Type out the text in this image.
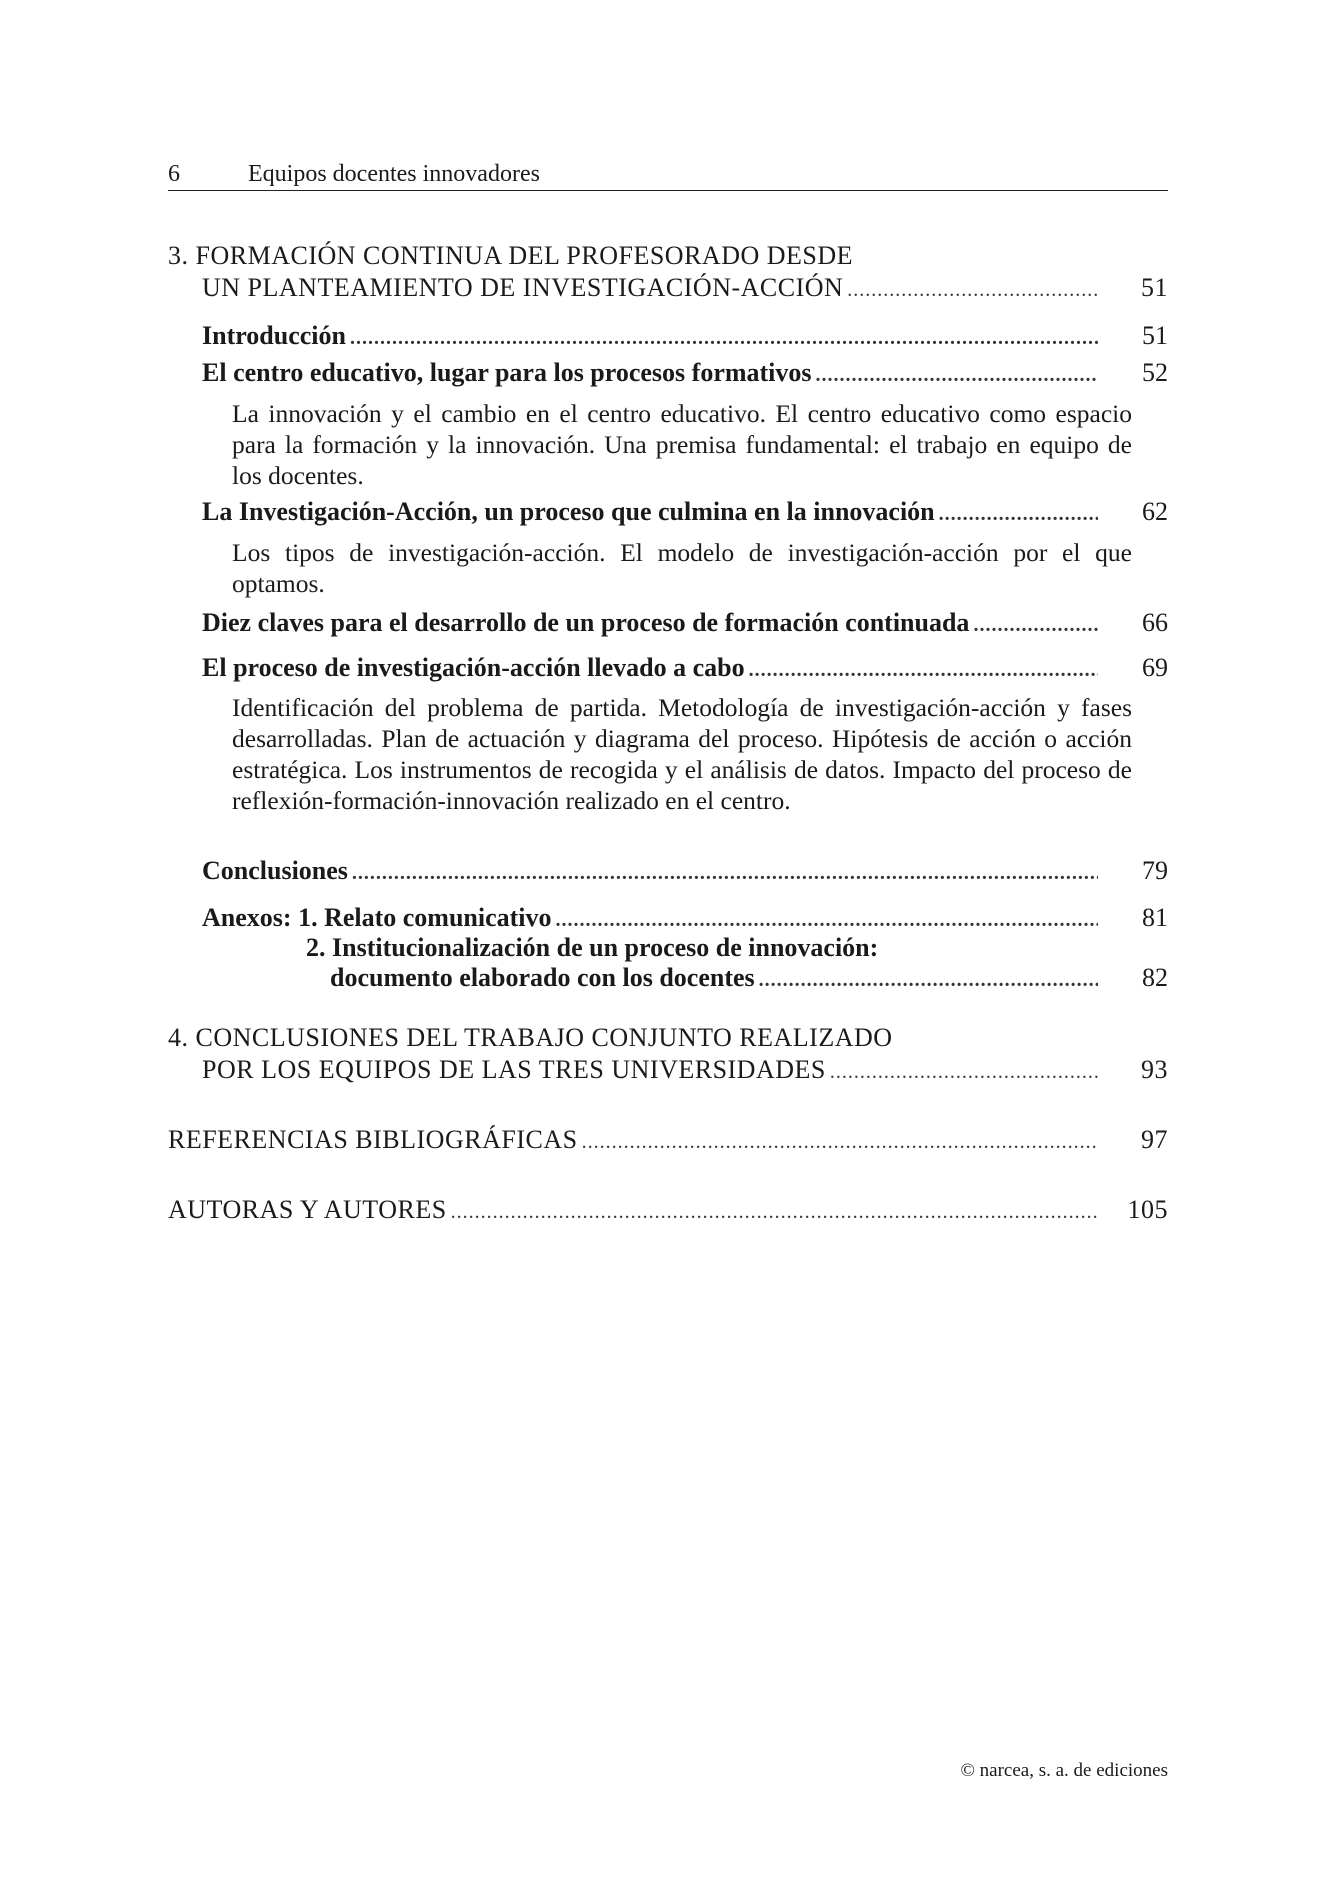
6	Equipos docentes innovadores
3. FORMACIÓN CONTINUA DEL PROFESORADO DESDE
UN PLANTEAMIENTO DE INVESTIGACIÓN-ACCIÓN .....	51
Introducción .....	51
El centro educativo, lugar para los procesos formativos .....	52
La innovación y el cambio en el centro educativo. El centro educativo como espacio para la formación y la innovación. Una premisa fundamental: el trabajo en equipo de los docentes.
La Investigación-Acción, un proceso que culmina en la innovación .....	62
Los tipos de investigación-acción. El modelo de investigación-acción por el que optamos.
Diez claves para el desarrollo de un proceso de formación continuada .....	66
El proceso de investigación-acción llevado a cabo .....	69
Identificación del problema de partida. Metodología de investigación-acción y fases desarrolladas. Plan de actuación y diagrama del proceso. Hipótesis de acción o acción estratégica. Los instrumentos de recogida y el análisis de datos. Impacto del proceso de reflexión-formación-innovación realizado en el centro.
Conclusiones .....	79
Anexos: 1. Relato comunicativo .....	81
2. Institucionalización de un proceso de innovación:
documento elaborado con los docentes .....	82
4. CONCLUSIONES DEL TRABAJO CONJUNTO REALIZADO
POR LOS EQUIPOS DE LAS TRES UNIVERSIDADES .....	93
REFERENCIAS BIBLIOGRÁFICAS .....	97
AUTORAS Y AUTORES .....	105
© narcea, s. a. de ediciones
